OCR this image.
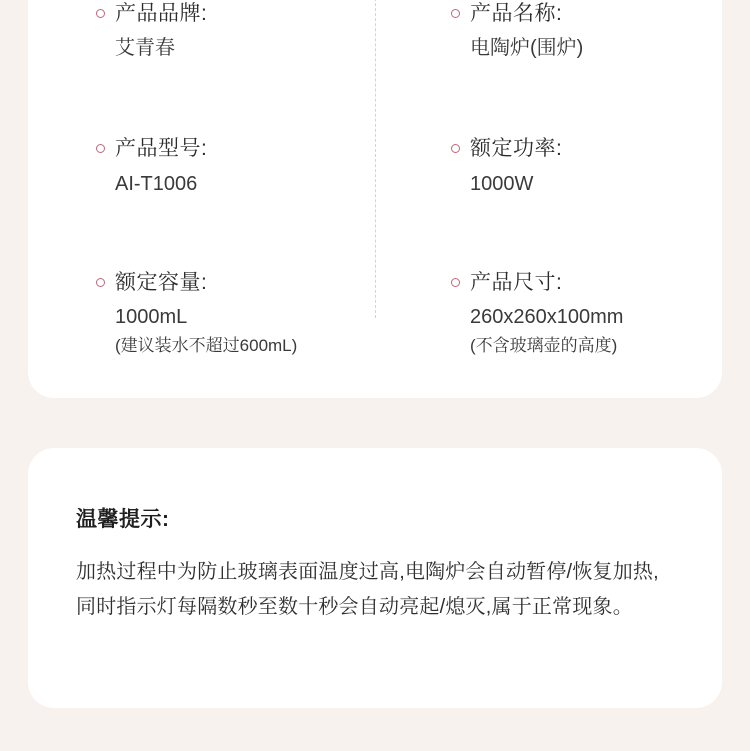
产品品牌:
艾青春
产品型号:
AI-T1006
额定容量:
1000mL
(建议装水不超过600mL)
产品名称:
电陶炉(围炉)
额定功率:
1000W
产品尺寸:
260x260x100mm
(不含玻璃壶的高度)
温馨提示:

加热过程中为防止玻璃表面温度过高,电陶炉会自动暂停/恢复加热,同时指示灯每隔数秒至数十秒会自动亮起/熄灭,属于正常现象。
